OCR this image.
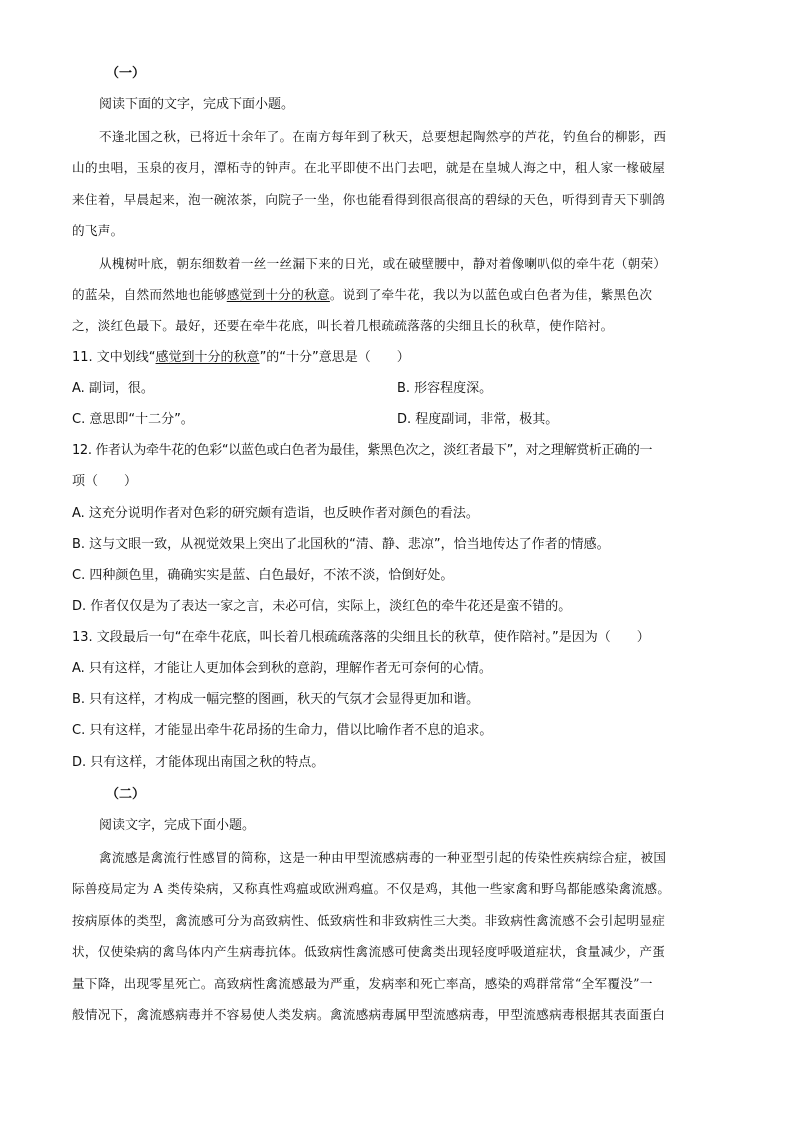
（一）
阅读下面的文字，完成下面小题。
不逢北国之秋，已将近十余年了。在南方每年到了秋天，总要想起陶然亭的芦花，钓鱼台的柳影，西
山的虫唱，玉泉的夜月，潭柘寺的钟声。在北平即使不出门去吧，就是在皇城人海之中，租人家一椽破屋
来住着，早晨起来，泡一碗浓茶，向院子一坐，你也能看得到很高很高的碧绿的天色，听得到青天下驯鸽
的飞声。
从槐树叶底，朝东细数着一丝一丝漏下来的日光，或在破壁腰中，静对着像喇叭似的牵牛花（朝荣）
的蓝朵，自然而然地也能够感觉到十分的秋意。说到了牵牛花，我以为以蓝色或白色者为佳，紫黑色次
之，淡红色最下。最好，还要在牵牛花底，叫长着几根疏疏落落的尖细且长的秋草，使作陪衬。
11. 文中划线“感觉到十分的秋意”的“十分”意思是（　　）
A. 副词，很。	B. 形容程度深。
C. 意思即“十二分”。	D. 程度副词，非常，极其。
12. 作者认为牵牛花的色彩“以蓝色或白色者为最佳，紫黑色次之，淡红者最下”，对之理解赏析正确的一
项（　　）
A. 这充分说明作者对色彩的研究颇有造诣，也反映作者对颜色的看法。
B. 这与文眼一致，从视觉效果上突出了北国秋的“清、静、悲凉”，恰当地传达了作者的情感。
C. 四种颜色里，确确实实是蓝、白色最好，不浓不淡，恰倒好处。
D. 作者仅仅是为了表达一家之言，未必可信，实际上，淡红色的牵牛花还是蛮不错的。
13. 文段最后一句“在牵牛花底，叫长着几根疏疏落落的尖细且长的秋草，使作陪衬。”是因为（　　）
A. 只有这样，才能让人更加体会到秋的意韵，理解作者无可奈何的心情。
B. 只有这样，才构成一幅完整的图画，秋天的气氛才会显得更加和谐。
C. 只有这样，才能显出牵牛花昂扬的生命力，借以比喻作者不息的追求。
D. 只有这样，才能体现出南国之秋的特点。
（二）
阅读文字，完成下面小题。
禽流感是禽流行性感冒的简称，这是一种由甲型流感病毒的一种亚型引起的传染性疾病综合症，被国
际兽疫局定为 A 类传染病，又称真性鸡瘟或欧洲鸡瘟。不仅是鸡，其他一些家禽和野鸟都能感染禽流感。
按病原体的类型，禽流感可分为高致病性、低致病性和非致病性三大类。非致病性禽流感不会引起明显症
状，仅使染病的禽鸟体内产生病毒抗体。低致病性禽流感可使禽类出现轻度呼吸道症状，食量减少，产蛋
量下降，出现零星死亡。高致病性禽流感最为严重，发病率和死亡率高，感染的鸡群常常“全军覆没”一
般情况下，禽流感病毒并不容易使人类发病。禽流感病毒属甲型流感病毒，甲型流感病毒根据其表面蛋白
